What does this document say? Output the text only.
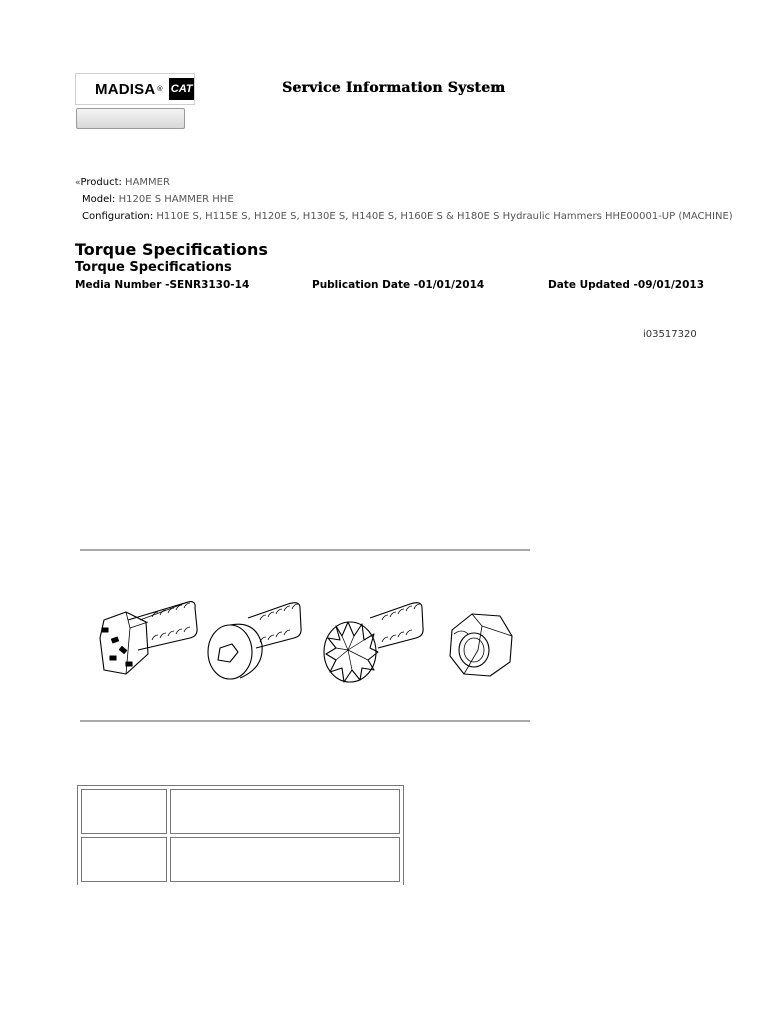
MADISA ® CAT	Service Information System
«Product: HAMMER
Model: H120E S HAMMER HHE
Configuration: H110E S, H115E S, H120E S, H130E S, H140E S, H160E S & H180E S Hydraulic Hammers HHE00001-UP (MACHINE)
Torque Specifications
Torque Specifications
Media Number -SENR3130-14	Publication Date -01/01/2014	Date Updated -09/01/2013
i03517320
